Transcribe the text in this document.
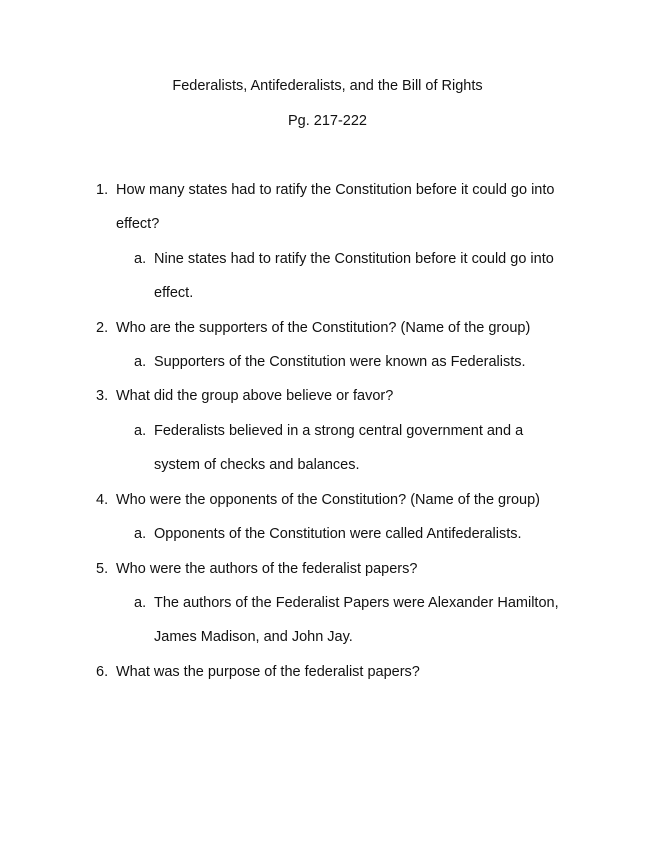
Federalists, Antifederalists, and the Bill of Rights
Pg. 217-222
1. How many states had to ratify the Constitution before it could go into
effect?
a. Nine states had to ratify the Constitution before it could go into
effect.
2. Who are the supporters of the Constitution? (Name of the group)
a. Supporters of the Constitution were known as Federalists.
3. What did the group above believe or favor?
a. Federalists believed in a strong central government and a
system of checks and balances.
4. Who were the opponents of the Constitution? (Name of the group)
a. Opponents of the Constitution were called Antifederalists.
5. Who were the authors of the federalist papers?
a. The authors of the Federalist Papers were Alexander Hamilton,
James Madison, and John Jay.
6. What was the purpose of the federalist papers?
